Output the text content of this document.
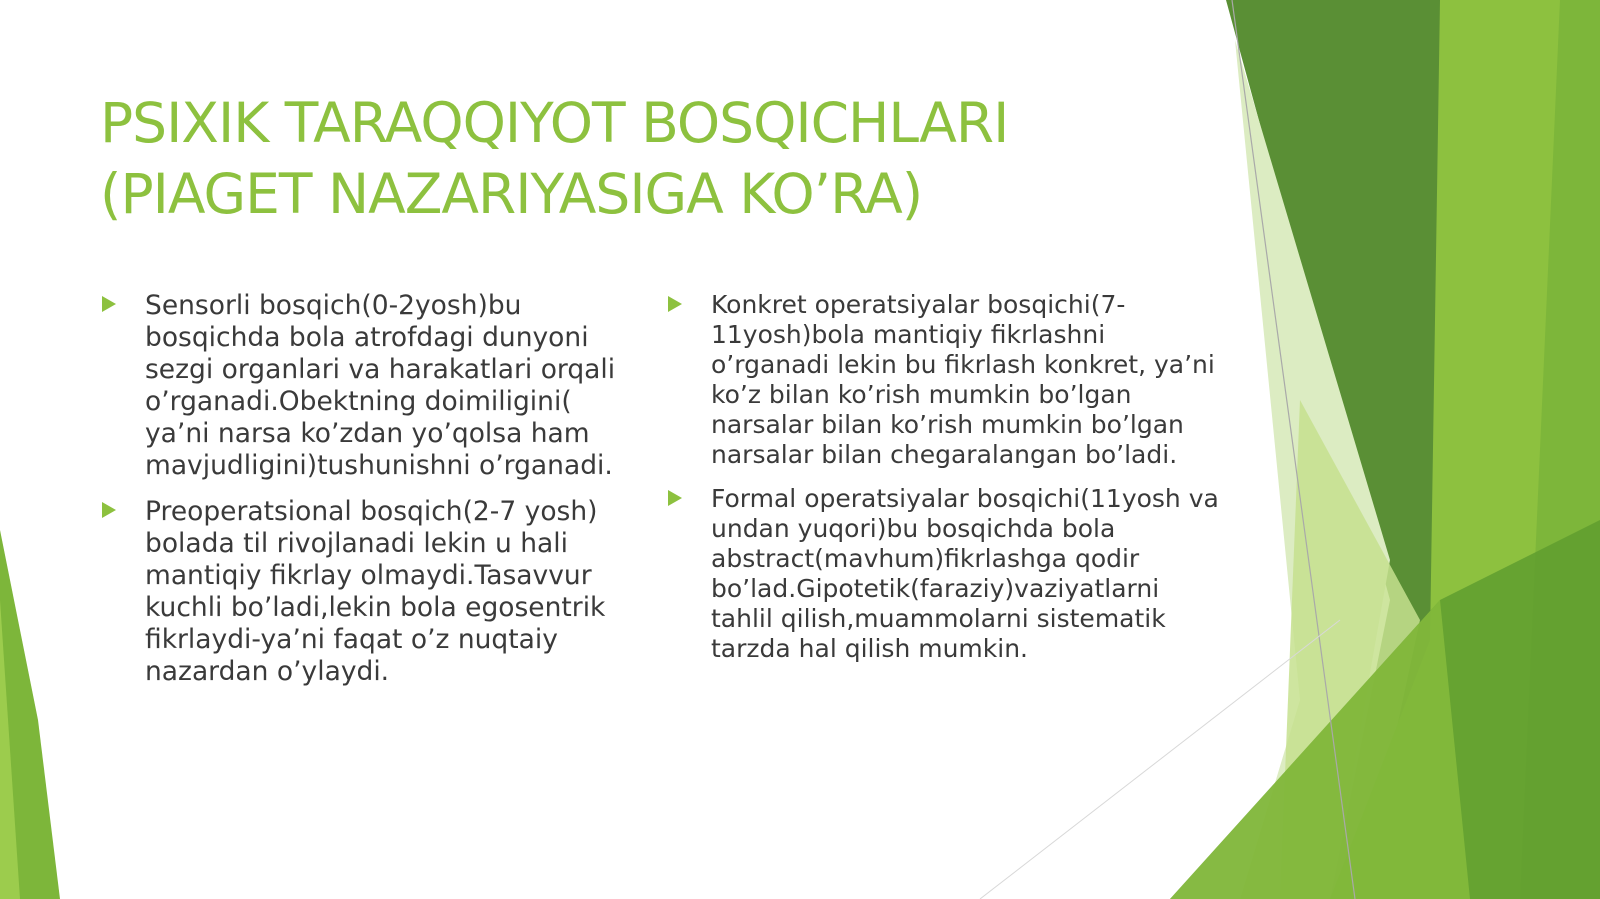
PSIXIK TARAQQIYOT BOSQICHLARI
(PIAGET NAZARIYASIGA KO’RA)
Sensorli bosqich(0-2yosh)bu bosqichda bola atrofdagi dunyoni sezgi organlari va harakatlari orqali o’rganadi.Obektning doimiligini( ya’ni narsa ko’zdan yo’qolsa ham mavjudligini)tushunishni o’rganadi.
Preoperatsional bosqich(2-7 yosh) bolada til rivojlanadi lekin u hali mantiqiy fikrlay olmaydi.Tasavvur kuchli bo’ladi,lekin bola egosentrik fikrlaydi-ya’ni faqat o’z nuqtaiy nazardan o’ylaydi.
Konkret operatsiyalar bosqichi(7-11yosh)bola mantiqiy fikrlashni o’rganadi lekin bu fikrlash konkret, ya’ni ko’z bilan ko’rish mumkin bo’lgan narsalar bilan ko’rish mumkin bo’lgan narsalar bilan chegaralangan bo’ladi.
Formal operatsiyalar bosqichi(11yosh va undan yuqori)bu bosqichda bola abstract(mavhum)fikrlashga qodir bo’lad.Gipotetik(faraziy)vaziyatlarni tahlil qilish,muammolarni sistematik tarzda hal qilish mumkin.
